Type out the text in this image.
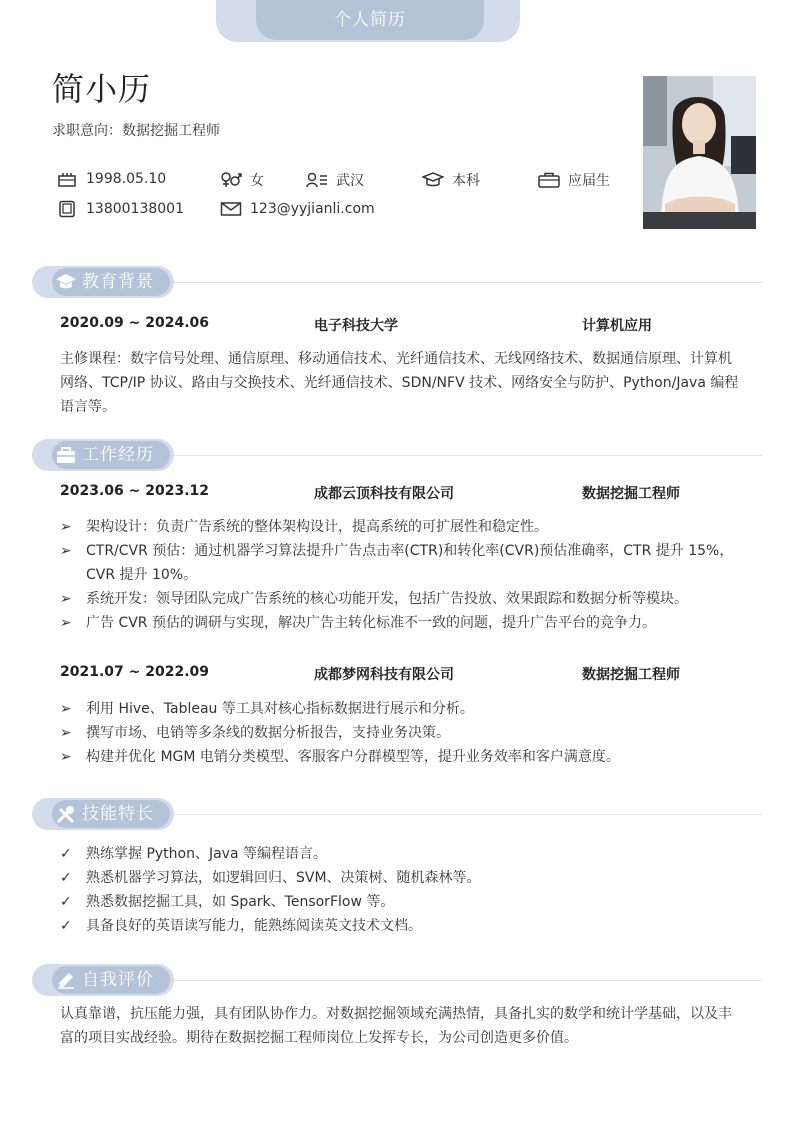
个人简历
简小历
求职意向：数据挖掘工程师
1998.05.10	女	武汉	本科	应届生
13800138001	123@yyjianli.com
教育背景
2020.09 ~ 2024.06	电子科技大学	计算机应用
主修课程：数字信号处理、通信原理、移动通信技术、光纤通信技术、无线网络技术、数据通信原理、计算机网络、TCP/IP 协议、路由与交换技术、光纤通信技术、SDN/NFV 技术、网络安全与防护、Python/Java 编程语言等。
工作经历
2023.06 ~ 2023.12	成都云顶科技有限公司	数据挖掘工程师
➢ 架构设计：负责广告系统的整体架构设计，提高系统的可扩展性和稳定性。
➢ CTR/CVR 预估：通过机器学习算法提升广告点击率(CTR)和转化率(CVR)预估准确率，CTR 提升 15%，CVR 提升 10%。
➢ 系统开发：领导团队完成广告系统的核心功能开发，包括广告投放、效果跟踪和数据分析等模块。
➢ 广告 CVR 预估的调研与实现，解决广告主转化标准不一致的问题，提升广告平台的竞争力。
2021.07 ~ 2022.09	成都梦网科技有限公司	数据挖掘工程师
➢ 利用 Hive、Tableau 等工具对核心指标数据进行展示和分析。
➢ 撰写市场、电销等多条线的数据分析报告，支持业务决策。
➢ 构建并优化 MGM 电销分类模型、客服客户分群模型等，提升业务效率和客户满意度。
技能特长
✓ 熟练掌握 Python、Java 等编程语言。
✓ 熟悉机器学习算法，如逻辑回归、SVM、决策树、随机森林等。
✓ 熟悉数据挖掘工具，如 Spark、TensorFlow 等。
✓ 具备良好的英语读写能力，能熟练阅读英文技术文档。
自我评价
认真靠谱，抗压能力强，具有团队协作力。对数据挖掘领域充满热情，具备扎实的数学和统计学基础，以及丰富的项目实战经验。期待在数据挖掘工程师岗位上发挥专长，为公司创造更多价值。
